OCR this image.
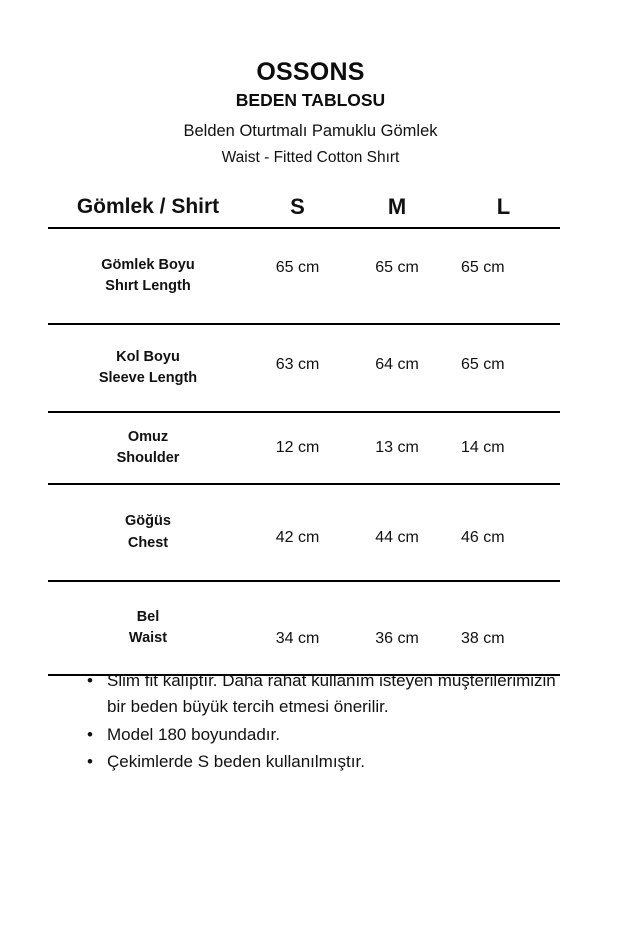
OSSONS
BEDEN TABLOSU
Belden Oturtmalı Pamuklu Gömlek
Waist - Fitted Cotton Shırt
Gömlek / Shirt	S	M	L

Gömlek Boyu
Shırt Length	65 cm	65 cm	65 cm

Kol Boyu
Sleeve Length	63 cm	64 cm	65 cm

Omuz
Shoulder	12 cm	13 cm	14 cm

Göğüs
Chest	42 cm	44 cm	46 cm

Bel
Waist	34 cm	36 cm	38 cm
• Slim fit kalıptır. Daha rahat kullanım isteyen müşterilerimizin bir beden büyük tercih etmesi önerilir.
• Model 180 boyundadır.
• Çekimlerde S beden kullanılmıştır.
